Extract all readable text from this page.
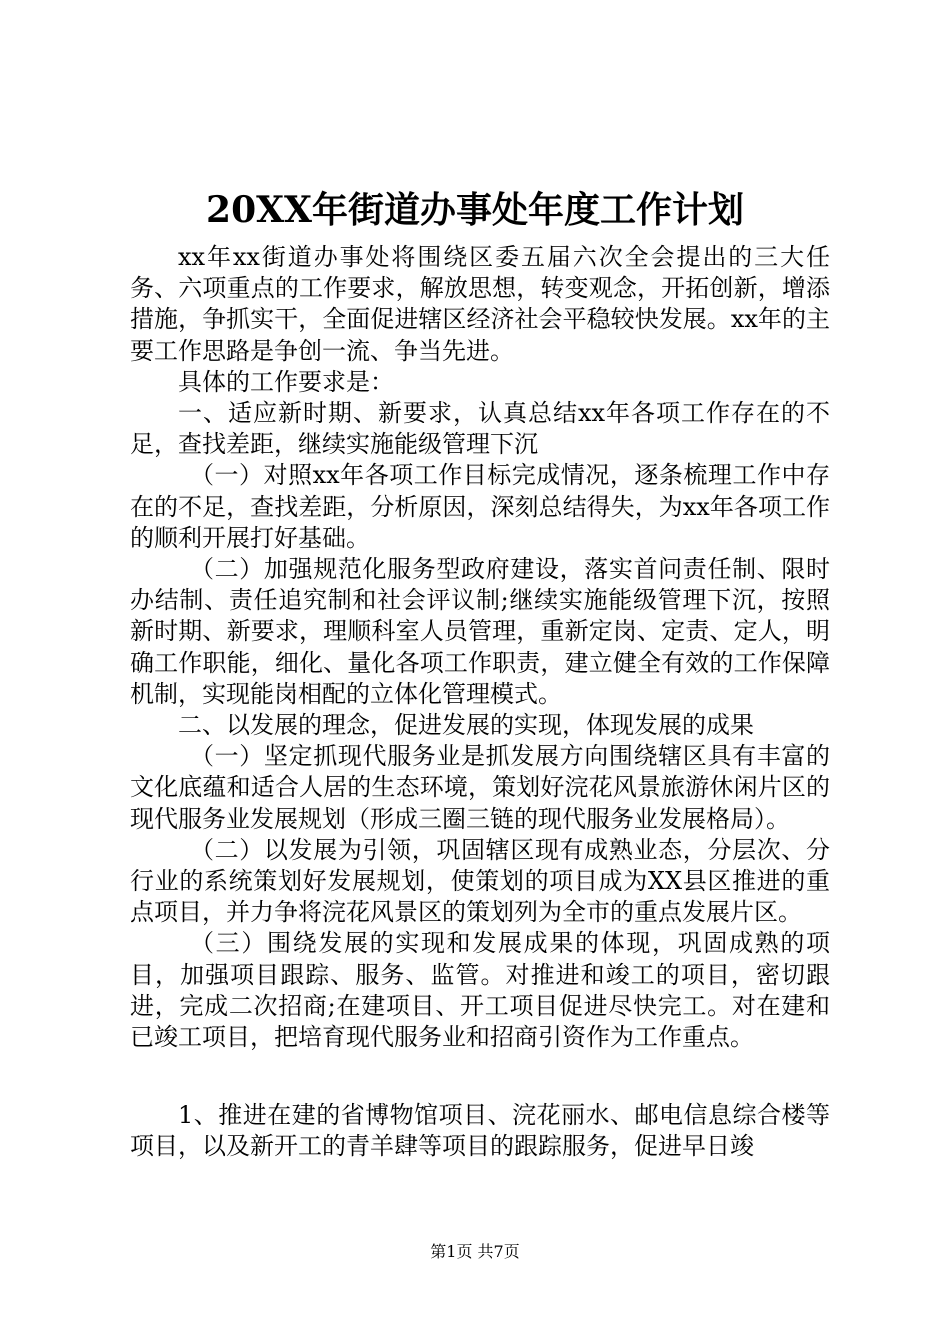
20XX年街道办事处年度工作计划

xx年xx街道办事处将围绕区委五届六次全会提出的三大任务、六项重点的工作要求，解放思想，转变观念，开拓创新，增添措施，争抓实干，全面促进辖区经济社会平稳较快发展。xx年的主要工作思路是争创一流、争当先进。

具体的工作要求是：

一、适应新时期、新要求，认真总结xx年各项工作存在的不足，查找差距，继续实施能级管理下沉

（一）对照xx年各项工作目标完成情况，逐条梳理工作中存在的不足，查找差距，分析原因，深刻总结得失，为xx年各项工作的顺利开展打好基础。

（二）加强规范化服务型政府建设，落实首问责任制、限时办结制、责任追究制和社会评议制;继续实施能级管理下沉，按照新时期、新要求，理顺科室人员管理，重新定岗、定责、定人，明确工作职能，细化、量化各项工作职责，建立健全有效的工作保障机制，实现能岗相配的立体化管理模式。

二、以发展的理念，促进发展的实现，体现发展的成果

（一）坚定抓现代服务业是抓发展方向围绕辖区具有丰富的文化底蕴和适合人居的生态环境，策划好浣花风景旅游休闲片区的现代服务业发展规划（形成三圈三链的现代服务业发展格局）。

（二）以发展为引领，巩固辖区现有成熟业态，分层次、分行业的系统策划好发展规划，使策划的项目成为XX县区推进的重点项目，并力争将浣花风景区的策划列为全市的重点发展片区。

（三）围绕发展的实现和发展成果的体现，巩固成熟的项目，加强项目跟踪、服务、监管。对推进和竣工的项目，密切跟进，完成二次招商;在建项目、开工项目促进尽快完工。对在建和已竣工项目，把培育现代服务业和招商引资作为工作重点。

1、推进在建的省博物馆项目、浣花丽水、邮电信息综合楼等项目，以及新开工的青羊肆等项目的跟踪服务，促进早日竣

第1页 共7页
